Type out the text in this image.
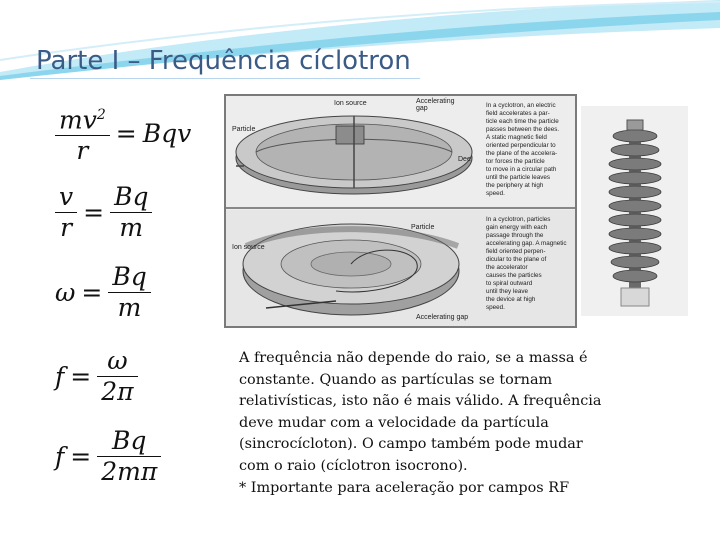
Parte I – Frequência cíclotron
$\frac{mv^2}{r}$ = Bqv
$\frac{v}{r} = \frac{Bq}{m}$
$\omega = \frac{Bq}{m}$
$f = \frac{\omega}{2\pi}$
$f = \frac{Bq}{2m\pi}$
Ion source	Accelerating gap
Particle
Dee
In a cyclotron, an electric
field accelerates a par-
ticle each time the particle
passes between the dees.
A static magnetic field
oriented perpendicular to
the plane of the accelera-
tor forces the particle
to move in a circular path
until the particle leaves
the periphery at high
speed.
Particle
Ion source
Accelerating gap
In a cyclotron, particles
gain energy with each
passage through the
accelerating gap. A magnetic
field oriented perpen-
dicular to the plane of
the accelerator
causes the particles
to spiral outward
until they leave
the device at high
speed.
A frequência não depende do raio, se a massa é
constante. Quando as partículas se tornam
relativísticas, isto não é mais válido. A frequência
deve mudar com a velocidade da partícula
(sincrocícloton). O campo também pode mudar
com o raio (cíclotron isocrono).
* Importante para aceleração por campos RF
